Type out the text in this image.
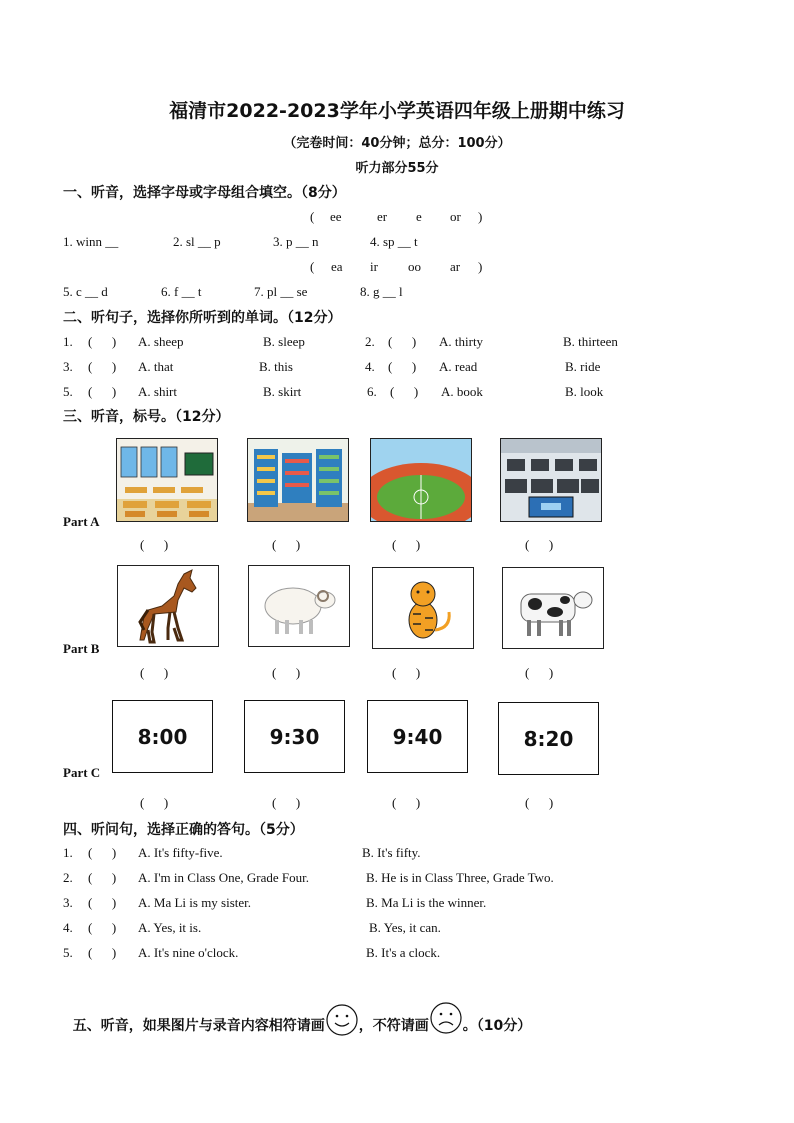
福清市2022-2023学年小学英语四年级上册期中练习
（完卷时间：40分钟；总分：100分）
听力部分55分
一、听音，选择字母或字母组合填空。（8分）
( ee	er e or )
1. winn __	2. sl __ p	3. p __ n	4. sp __ t
( ea ir oo ar )
5. c __ d	6. f __ t	7. pl __ se	8. g __ l
二、听句子，选择你所听到的单词。（12分）
1. (      ) A. sheep	B. sleep	2. (      ) A. thirty	B. thirteen
3. (      ) A. that	B. this	4. (      ) A. read	B. ride
5. (      ) A. shirt	B. skirt	6. (      ) A. book	B. look
三、听音，标号。（12分）
Part A
(      )	(      )	(      )	(      )
Part B
(      )	(      )	(      )	(      )
8:00	9:30	9:40	8:20
Part C
(      )	(      )	(      )	(      )
四、听问句，选择正确的答句。（5分）
1. (      ) A. It's fifty-five.	B. It's fifty.
2. (      ) A. I'm in Class One, Grade Four.	B. He is in Class Three, Grade Two.
3. (      ) A. Ma Li is my sister.	B. Ma Li is the winner.
4. (      ) A. Yes, it is.	B. Yes, it can.
5. (      ) A. It's nine o'clock.	B. It's a clock.

五、听音，如果图片与录音内容相符请画 ，不符请画 。（10分）
